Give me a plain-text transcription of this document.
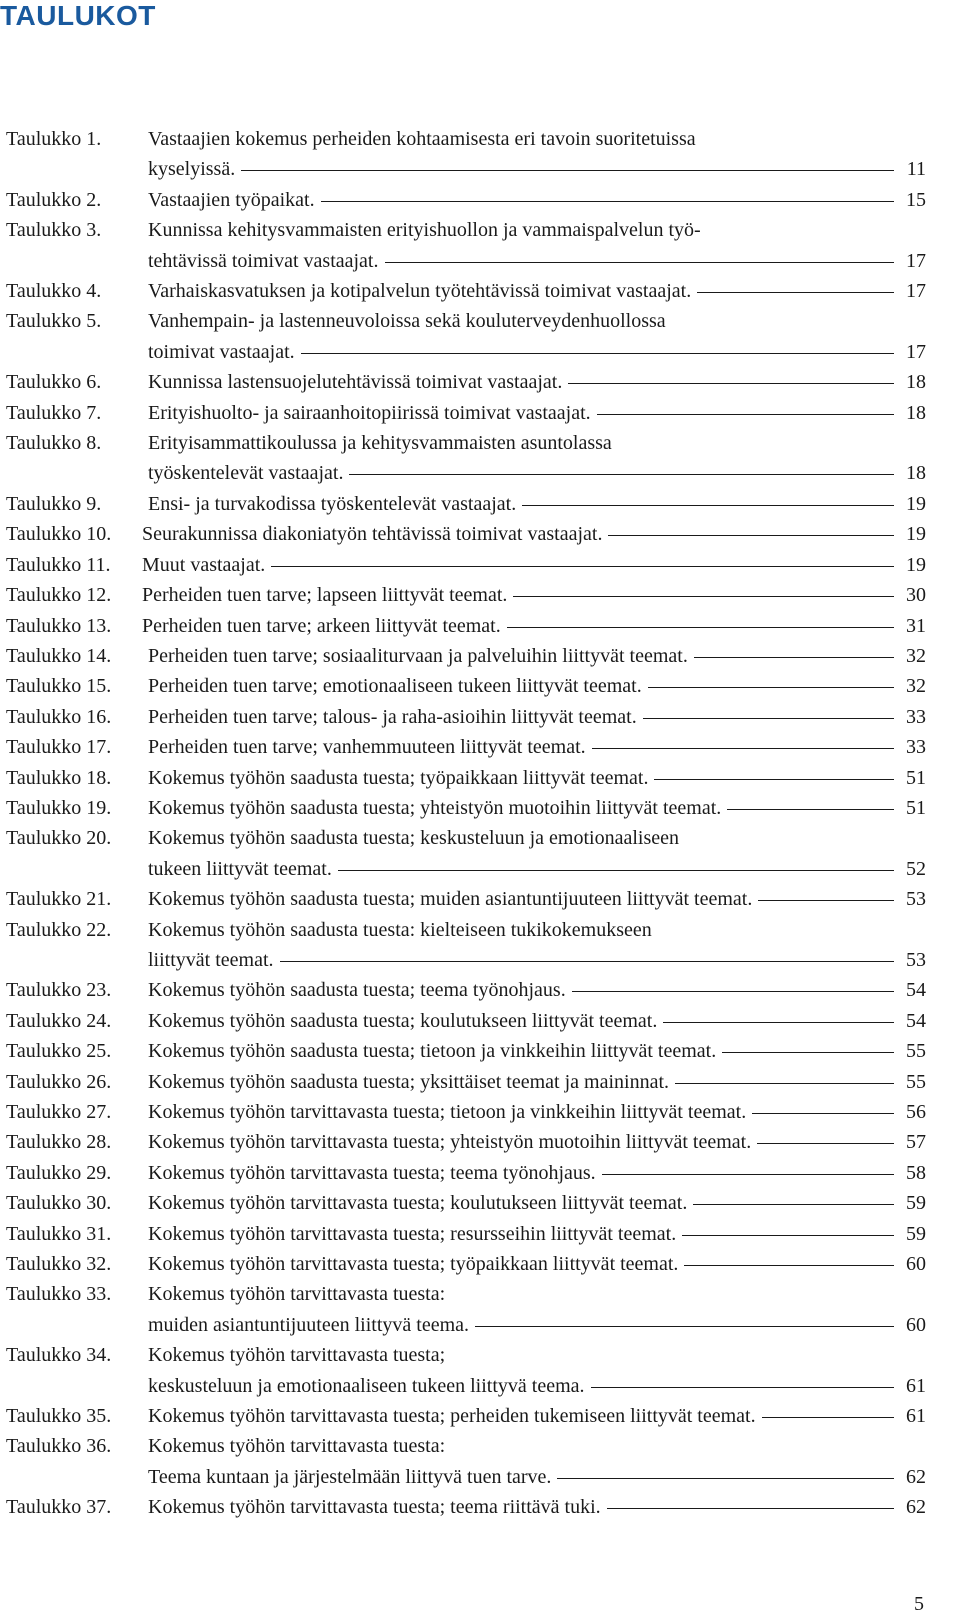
TAULUKOT
Taulukko 1.	Vastaajien kokemus perheiden kohtaamisesta eri tavoin suoritetuissa
kyselyissä.	11
Taulukko 2.	Vastaajien työpaikat.	15
Taulukko 3.	Kunnissa kehitysvammaisten erityishuollon ja vammaispalvelun työ-
tehtävissä toimivat vastaajat.	17
Taulukko 4.	Varhaiskasvatuksen ja kotipalvelun työtehtävissä toimivat vastaajat.	17
Taulukko 5.	Vanhempain- ja lastenneuvoloissa sekä kouluterveydenhuollossa
toimivat vastaajat.	17
Taulukko 6.	Kunnissa lastensuojelutehtävissä toimivat vastaajat.	18
Taulukko 7.	Erityishuolto- ja sairaanhoitopiirissä toimivat vastaajat.	18
Taulukko 8.	Erityisammattikoulussa ja kehitysvammaisten asuntolassa
työskentelevät vastaajat.	18
Taulukko 9.	Ensi- ja turvakodissa työskentelevät vastaajat.	19
Taulukko 10.	Seurakunnissa diakoniatyön tehtävissä toimivat vastaajat.	19
Taulukko 11.	Muut vastaajat.	19
Taulukko 12.	Perheiden tuen tarve; lapseen liittyvät teemat.	30
Taulukko 13.	Perheiden tuen tarve; arkeen liittyvät teemat.	31
Taulukko 14.	Perheiden tuen tarve; sosiaaliturvaan ja palveluihin liittyvät teemat.	32
Taulukko 15.	Perheiden tuen tarve; emotionaaliseen tukeen liittyvät teemat.	32
Taulukko 16.	Perheiden tuen tarve; talous- ja raha-asioihin liittyvät teemat.	33
Taulukko 17.	Perheiden tuen tarve; vanhemmuuteen liittyvät teemat.	33
Taulukko 18.	Kokemus työhön saadusta tuesta; työpaikkaan liittyvät teemat.	51
Taulukko 19.	Kokemus työhön saadusta tuesta; yhteistyön muotoihin liittyvät teemat.	51
Taulukko 20.	Kokemus työhön saadusta tuesta; keskusteluun ja emotionaaliseen
tukeen liittyvät teemat.	52
Taulukko 21.	Kokemus työhön saadusta tuesta; muiden asiantuntijuuteen liittyvät teemat.	53
Taulukko 22.	Kokemus työhön saadusta tuesta: kielteiseen tukikokemukseen
liittyvät teemat.	53
Taulukko 23.	Kokemus työhön saadusta tuesta; teema työnohjaus.	54
Taulukko 24.	Kokemus työhön saadusta tuesta; koulutukseen liittyvät teemat.	54
Taulukko 25.	Kokemus työhön saadusta tuesta; tietoon ja vinkkeihin liittyvät teemat.	55
Taulukko 26.	Kokemus työhön saadusta tuesta; yksittäiset teemat ja maininnat.	55
Taulukko 27.	Kokemus työhön tarvittavasta tuesta; tietoon ja vinkkeihin liittyvät teemat.	56
Taulukko 28.	Kokemus työhön tarvittavasta tuesta; yhteistyön muotoihin liittyvät teemat.	57
Taulukko 29.	Kokemus työhön tarvittavasta tuesta; teema työnohjaus.	58
Taulukko 30.	Kokemus työhön tarvittavasta tuesta; koulutukseen liittyvät teemat.	59
Taulukko 31.	Kokemus työhön tarvittavasta tuesta; resursseihin liittyvät teemat.	59
Taulukko 32.	Kokemus työhön tarvittavasta tuesta; työpaikkaan liittyvät teemat.	60
Taulukko 33.	Kokemus työhön tarvittavasta tuesta:
muiden asiantuntijuuteen liittyvä teema.	60
Taulukko 34.	Kokemus työhön tarvittavasta tuesta;
keskusteluun ja emotionaaliseen tukeen liittyvä teema.	61
Taulukko 35.	Kokemus työhön tarvittavasta tuesta; perheiden tukemiseen liittyvät teemat.	61
Taulukko 36.	Kokemus työhön tarvittavasta tuesta:
Teema kuntaan ja järjestelmään liittyvä tuen tarve.	62
Taulukko 37.	Kokemus työhön tarvittavasta tuesta; teema riittävä tuki.	62
5
